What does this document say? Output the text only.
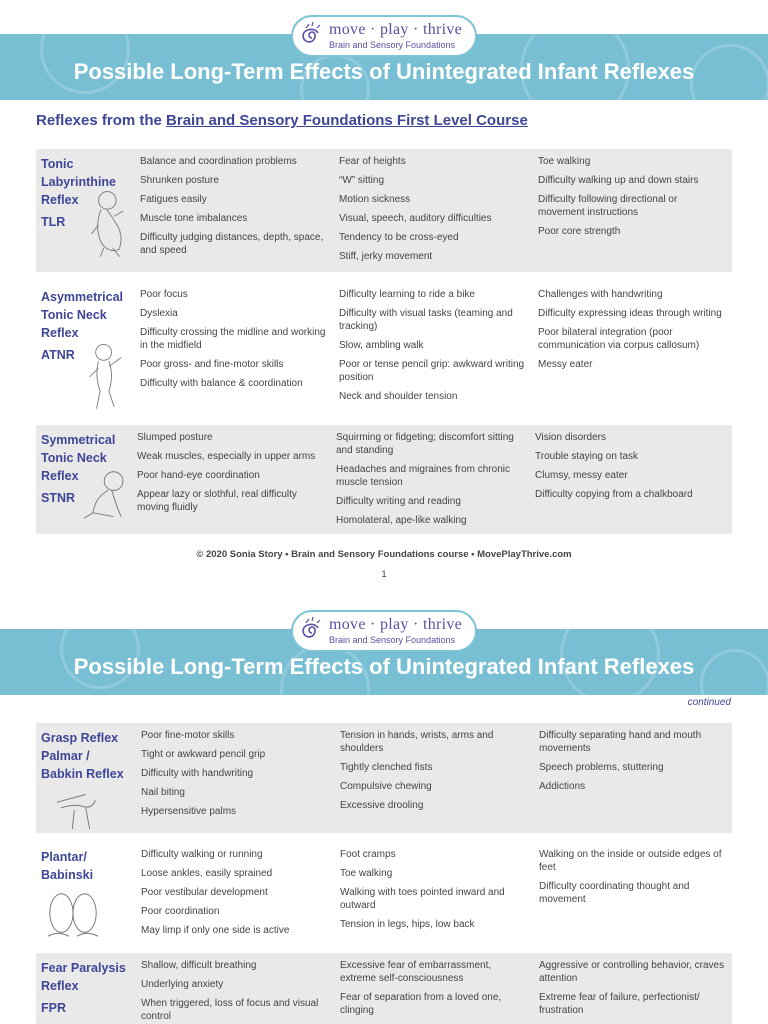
Possible Long-Term Effects of Unintegrated Infant Reflexes
move · play · thrive
Brain and Sensory Foundations
Reflexes from the Brain and Sensory Foundations First Level Course
Tonic
Labyrinthine
Reflex
TLR
Balance and coordination problems
Shrunken posture
Fatigues easily
Muscle tone imbalances
Difficulty judging distances, depth, space, and speed
Fear of heights
“W” sitting
Motion sickness
Visual, speech, auditory difficulties
Tendency to be cross-eyed
Stiff, jerky movement
Toe walking
Difficulty walking up and down stairs
Difficulty following directional or movement instructions
Poor core strength
Asymmetrical
Tonic Neck
Reflex
ATNR
Poor focus
Dyslexia
Difficulty crossing the midline and working in the midfield
Poor gross- and fine-motor skills
Difficulty with balance & coordination
Difficulty learning to ride a bike
Difficulty with visual tasks (teaming and tracking)
Slow, ambling walk
Poor or tense pencil grip: awkward writing position
Neck and shoulder tension
Challenges with handwriting
Difficulty expressing ideas through writing
Poor bilateral integration (poor communication via corpus callosum)
Messy eater
Symmetrical
Tonic Neck
Reflex
STNR
Slumped posture
Weak muscles, especially in upper arms
Poor hand-eye coordination
Appear lazy or slothful, real difficulty moving fluidly
Squirming or fidgeting; discomfort sitting and standing
Headaches and migraines from chronic muscle tension
Difficulty writing and reading
Homolateral, ape-like walking
Vision disorders
Trouble staying on task
Clumsy, messy eater
Difficulty copying from a chalkboard
© 2020 Sonia Story • Brain and Sensory Foundations course • MovePlayThrive.com
1
Possible Long-Term Effects of Unintegrated Infant Reflexes
move · play · thrive
Brain and Sensory Foundations
continued
Grasp Reflex
Palmar /
Babkin Reflex
Poor fine-motor skills
Tight or awkward pencil grip
Difficulty with handwriting
Nail biting
Hypersensitive palms
Tension in hands, wrists, arms and shoulders
Tightly clenched fists
Compulsive chewing
Excessive drooling
Difficulty separating hand and mouth movements
Speech problems, stuttering
Addictions
Plantar/
Babinski
Difficulty walking or running
Loose ankles, easily sprained
Poor vestibular development
Poor coordination
May limp if only one side is active
Foot cramps
Toe walking
Walking with toes pointed inward and outward
Tension in legs, hips, low back
Walking on the inside or outside edges of feet
Difficulty coordinating thought and movement
Fear Paralysis
Reflex
FPR
Shallow, difficult breathing
Underlying anxiety
When triggered, loss of focus and visual control
Excessive fear of embarrassment, extreme self-consciousness
Fear of separation from a loved one, clinging
Aggressive or controlling behavior, craves attention
Extreme fear of failure, perfectionist/ frustration
